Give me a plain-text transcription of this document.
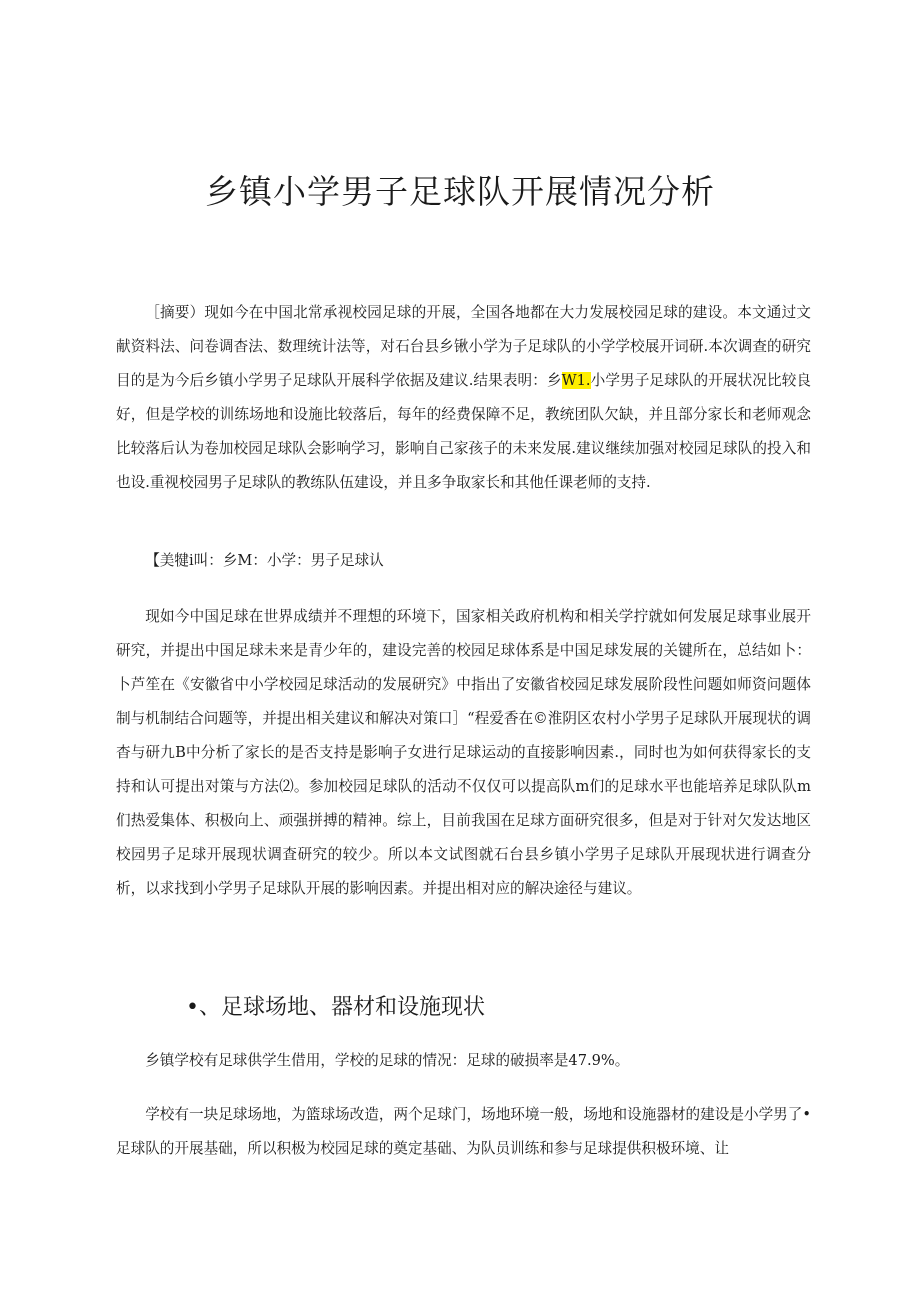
乡镇小学男子足球队开展情况分析

［摘要）现如今在中国北常承视校园足球的开展，全国各地都在大力发展校园足球的建设。本文通过文献资料法、问卷调杳法、数理统计法等，对石台县乡锹小学为子足球队的小学学校展开词研.本次调查的研究目的是为今后乡镇小学男子足球队开展科学依据及建议.结果表明：乡W1.小学男子足球队的开展状况比较良好，但是学校的训练场地和设施比较落后，每年的经费保障不足，教统团队欠缺，并且部分家长和老师观念比较落后认为卷加校园足球队会影响学习，影响自己家孩子的未来发展.建议继续加强对校园足球队的投入和也设.重视校园男子足球队的教练队伍建设，并且多争取家长和其他任课老师的支持.

【美犍i叫：乡M：小学：男子足球认

现如今中国足球在世界成绩并不理想的环境下，国家相关政府机构和相关学拧就如何发展足球事业展开研究，并提出中国足球未来是青少年的，建设完善的校园足球体系是中国足球发展的关键所在，总结如卜：卜芦笙在《安徽省中小学校园足球活动的发展研究》中指出了安徽省校园足球发展阶段性问题如师资问题体制与机制结合问题等，并提出相关建议和解决对策口］“程爱香在©淮阴区农村小学男子足球队开展现状的调杳与研九B中分析了家长的是否支持是影响子女进行足球运动的直接影响因素.，同时也为如何获得家长的支持和认可提出对策与方法⑵。参加校园足球队的活动不仅仅可以提高队m们的足球水平也能培养足球队队m们热爱集体、积极向上、顽强拼搏的精神。综上，目前我国在足球方面研究很多，但是对于针对欠发达地区校园男子足球开展现状调査研究的较少。所以本文试图就石台县乡镇小学男子足球队开展现状进行调查分析，以求找到小学男子足球队开展的影响因素。并提出相对应的解决途径与建议。

•、足球场地、器材和设施现状

乡镇学校有足球供学生借用，学校的足球的情况：足球的破损率是47.9%。

学校有一块足球场地，为篮球场改造，两个足球门，场地环境一般，场地和设施器材的建设是小学男了•足球队的开展基础，所以积极为校园足球的奠定基础、为队员训练和参与足球提供积极环境、让
